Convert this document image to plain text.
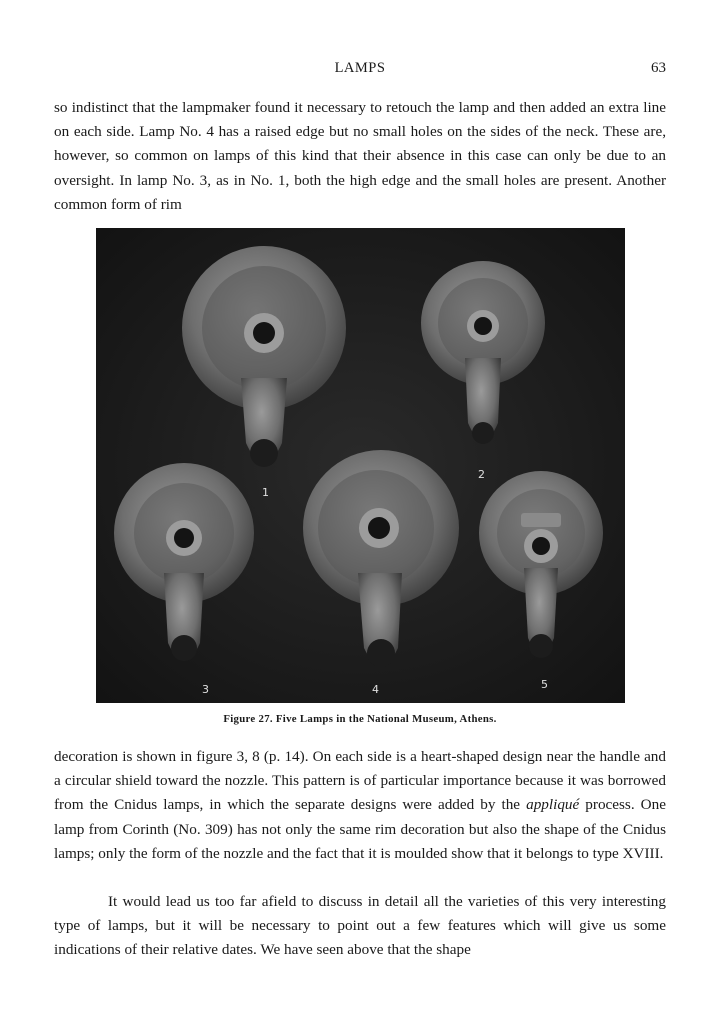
LAMPS	63

so indistinct that the lampmaker found it necessary to retouch the lamp and then added an extra line on each side. Lamp No. 4 has a raised edge but no small holes on the sides of the neck. These are, however, so common on lamps of this kind that their absence in this case can only be due to an oversight. In lamp No. 3, as in No. 1, both the high edge and the small holes are present. Another common form of rim

1
2
3	4	5
Figure 27. Five Lamps in the National Museum, Athens.

decoration is shown in figure 3, 8 (p. 14). On each side is a heart-shaped design near the handle and a circular shield toward the nozzle. This pattern is of particular importance because it was borrowed from the Cnidus lamps, in which the separate designs were added by the appliqué process. One lamp from Corinth (No. 309) has not only the same rim decoration but also the shape of the Cnidus lamps; only the form of the nozzle and the fact that it is moulded show that it belongs to type XVIII.

It would lead us too far afield to discuss in detail all the varieties of this very interesting type of lamps, but it will be necessary to point out a few features which will give us some indications of their relative dates. We have seen above that the shape
